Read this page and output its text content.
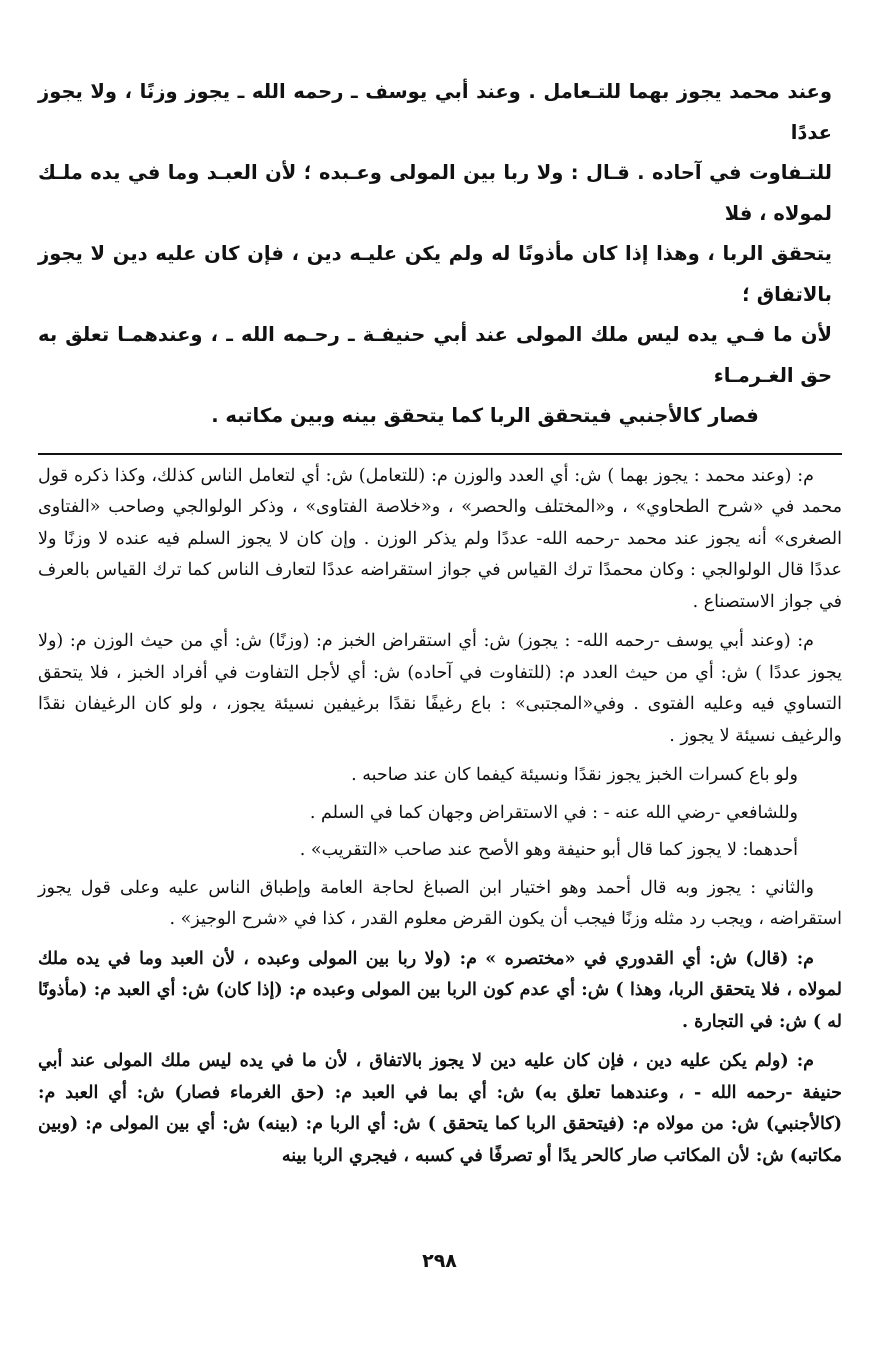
وعند محمد يجوز بهما للتـعامل . وعند أبي يوسف ـ رحمه الله ـ يجوز وزنًا ، ولا يجوز عددًا

للتـفاوت في آحاده . قـال : ولا ربا بين المولى وعـبده ؛ لأن العبـد وما في يده ملـك لمولاه ، فلا

يتحقق الربا ، وهذا إذا كان مأذونًا له ولم يكن عليـه دين ، فإن كان عليه دين لا يجوز بالاتفاق ؛

لأن ما فـي يده ليس ملك المولى عند أبي حنيفـة ـ رحـمه الله ـ ، وعندهمـا تعلق به حق الغـرمـاء

فصار كالأجنبي فيتحقق الربا كما يتحقق بينه وبين مكاتبه .

م: (وعند محمد : يجوز بهما ) ش: أي العدد والوزن م: (للتعامل) ش: أي لتعامل الناس كذلك، وكذا ذكره قول محمد في «شرح الطحاوي» ، و«المختلف والحصر» ، و«خلاصة الفتاوى» ، وذكر الولوالجي وصاحب «الفتاوى الصغرى» أنه يجوز عند محمد -رحمه الله- عددًا ولم يذكر الوزن . وإن كان لا يجوز السلم فيه عنده لا وزنًا ولا عددًا قال الولوالجي : وكان محمدًا ترك القياس في جواز استقراضه عددًا لتعارف الناس كما ترك القياس بالعرف في جواز الاستصناع .

م: (وعند أبي يوسف -رحمه الله- : يجوز) ش: أي استقراض الخبز م: (وزنًا) ش: أي من حيث الوزن م: (ولا يجوز عددًا ) ش: أي من حيث العدد م: (للتفاوت في آحاده) ش: أي لأجل التفاوت في أفراد الخبز ، فلا يتحقق التساوي فيه وعليه الفتوى . وفي«المجتبى» : باع رغيفًا نقدًا برغيفين نسيئة يجوز، ، ولو كان الرغيفان نقدًا والرغيف نسيئة لا يجوز .

ولو باع كسرات الخبز يجوز نقدًا ونسيئة كيفما كان عند صاحبه .

وللشافعي -رضي الله عنه - : في الاستقراض وجهان كما في السلم .

أحدهما: لا يجوز كما قال أبو حنيفة وهو الأصح عند صاحب «التقريب» .

والثاني : يجوز وبه قال أحمد وهو اختيار ابن الصباغ لحاجة العامة وإطباق الناس عليه وعلى قول يجوز استقراضه ، ويجب رد مثله وزنًا فيجب أن يكون القرض معلوم القدر ، كذا في «شرح الوجيز» .

م: (قال) ش: أي القدوري في «مختصره » م: (ولا ربا بين المولى وعبده ، لأن العبد وما في يده ملك لمولاه ، فلا يتحقق الربا، وهذا ) ش: أي عدم كون الربا بين المولى وعبده م: (إذا كان) ش: أي العبد م: (مأذونًا له ) ش: في التجارة .

م: (ولم يكن عليه دين ، فإن كان عليه دين لا يجوز بالاتفاق ، لأن ما في يده ليس ملك المولى عند أبي حنيفة -رحمه الله - ، وعندهما تعلق به) ش: أي بما في العبد م: (حق الغرماء فصار) ش: أي العبد م: (كالأجنبي) ش: من مولاه م: (فيتحقق الربا كما يتحقق ) ش: أي الربا م: (بينه) ش: أي بين المولى م: (وبين مكاتبه) ش: لأن المكاتب صار كالحر يدًا أو تصرفًا في كسبه ، فيجري الربا بينه

٢٩٨
